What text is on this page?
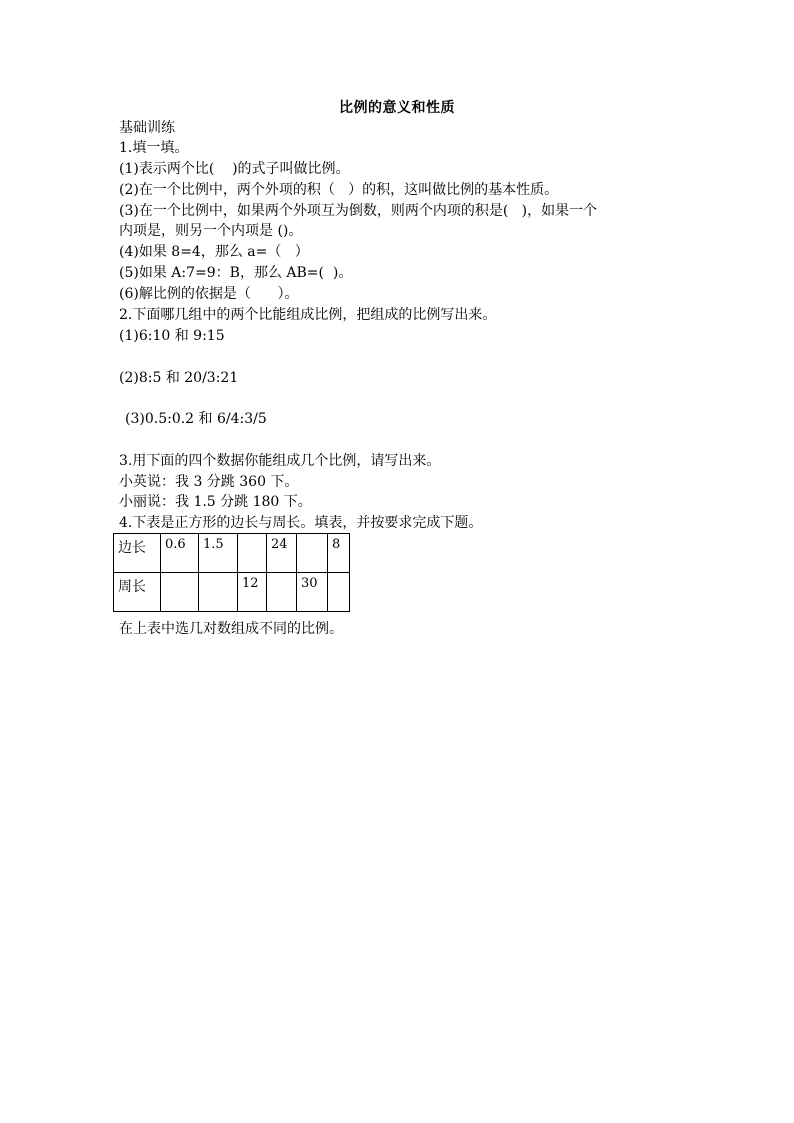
比例的意义和性质
基础训练
1.填一填。
(1)表示两个比(    )的式子叫做比例。
(2)在一个比例中，两个外项的积（   ）的积，这叫做比例的基本性质。
(3)在一个比例中，如果两个外项互为倒数，则两个内项的积是(   )，如果一个
内项是，则另一个内项是 ()。
(4)如果 8=4，那么 a=（   ）
(5)如果 A:7=9：B，那么 AB=(  )。
(6)解比例的依据是（      ）。
2.下面哪几组中的两个比能组成比例，把组成的比例写出来。
(1)6:10 和 9:15
(2)8:5 和 20/3:21
(3)0.5:0.2 和 6/4:3/5
3.用下面的四个数据你能组成几个比例，请写出来。
小英说：我 3 分跳 360 下。
小丽说：我 1.5 分跳 180 下。
4.下表是正方形的边长与周长。填表，并按要求完成下题。
边长	0.6	1.5		24		8
周长			12		30	
在上表中选几对数组成不同的比例。
